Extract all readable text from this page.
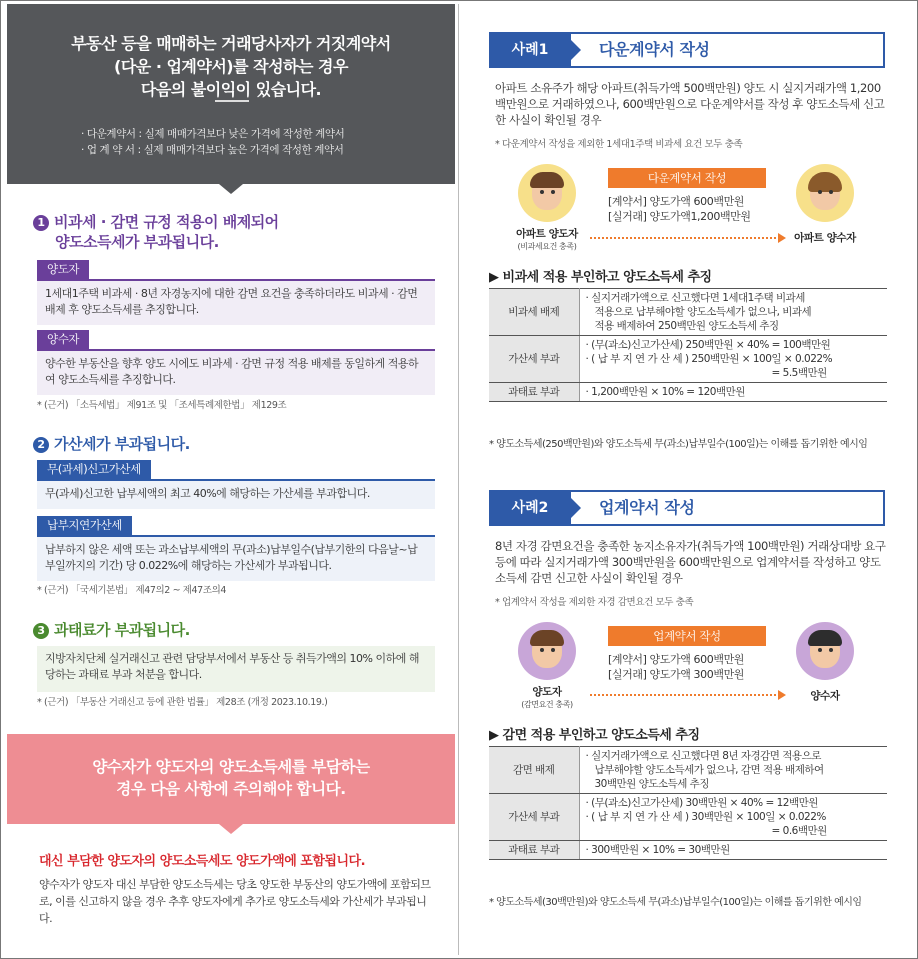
부동산 등을 매매하는 거래당사자가 거짓계약서
(다운 · 업계약서)를 작성하는 경우
다음의 불이익이 있습니다.
· 다운계약서 : 실제 매매가격보다 낮은 가격에 작성한 계약서
· 업 계 약 서 : 실제 매매가격보다 높은 가격에 작성한 계약서
1 비과세 · 감면 규정 적용이 배제되어
양도소득세가 부과됩니다.
양도자
1세대1주택 비과세 · 8년 자경농지에 대한 감면 요건을 충족하더라도 비과세 · 감면 배제 후 양도소득세를 추징합니다.
양수자
양수한 부동산을 향후 양도 시에도 비과세 · 감면 규정 적용 배제를 동일하게 적용하여 양도소득세를 추징합니다.
* (근거) 「소득세법」 제91조 및 「조세특례제한법」 제129조
2 가산세가 부과됩니다.
무(과세)신고가산세
무(과세)신고한 납부세액의 최고 40%에 해당하는 가산세를 부과합니다.
납부지연가산세
납부하지 않은 세액 또는 과소납부세액의 무(과소)납부일수(납부기한의 다음날~납부일까지의 기간) 당 0.022%에 해당하는 가산세가 부과됩니다.
* (근거) 「국세기본법」 제47의2 ~ 제47조의4
3 과태료가 부과됩니다.
지방자치단체 실거래신고 관련 담당부서에서 부동산 등 취득가액의 10% 이하에 해당하는 과태료 부과 처분을 합니다.
* (근거) 「부동산 거래신고 등에 관한 법률」 제28조 (개정 2023.10.19.)
양수자가 양도자의 양도소득세를 부담하는
경우 다음 사항에 주의해야 합니다.
대신 부담한 양도자의 양도소득세도 양도가액에 포함됩니다.
양수자가 양도자 대신 부담한 양도소득세는 당초 양도한 부동산의 양도가액에 포함되므로, 이를 신고하지 않을 경우 추후 양도자에게 추가로 양도소득세와 가산세가 부과됩니다.
사례1	다운계약서 작성
아파트 소유주가 해당 아파트(취득가액 500백만원) 양도 시 실지거래가액 1,200백만원으로 거래하였으나, 600백만원으로 다운계약서를 작성 후 양도소득세 신고한 사실이 확인될 경우
* 다운계약서 작성을 제외한 1세대1주택 비과세 요건 모두 충족
아파트 양도자
(비과세요건 충족)
다운계약서 작성
[계약서] 양도가액 600백만원
[실거래] 양도가액1,200백만원
아파트 양수자
▶ 비과세 적용 부인하고 양도소득세 추징
비과세 배제	· 실지거래가액으로 신고했다면 1세대1주택 비과세
적용으로 납부해야할 양도소득세가 없으나, 비과세
적용 배제하여 250백만원 양도소득세 추징

가산세 부과	· (무(과소)신고가산세) 250백만원 × 40% = 100백만원
· ( 납 부 지 연 가 산 세 ) 250백만원 × 100일 × 0.022%
= 5.5백만원

과태료 부과	· 1,200백만원 × 10% = 120백만원
* 양도소득세(250백만원)와 양도소득세 무(과소)납부일수(100일)는 이해를 돕기위한 예시임
사례2	업계약서 작성
8년 자경 감면요건을 충족한 농지소유자가(취득가액 100백만원) 거래상대방 요구 등에 따라 실지거래가액 300백만원을 600백만원으로 업계약서를 작성하고 양도소득세 감면 신고한 사실이 확인될 경우
* 업계약서 작성을 제외한 자경 감면요건 모두 충족
양도자
(감면요건 충족)
업계약서 작성
[계약서] 양도가액 600백만원
[실거래] 양도가액 300백만원
양수자
▶ 감면 적용 부인하고 양도소득세 추징
감면 배제	· 실지거래가액으로 신고했다면 8년 자경감면 적용으로
납부해야할 양도소득세가 없으나, 감면 적용 배제하여
30백만원 양도소득세 추징

가산세 부과	· (무(과소)신고가산세) 30백만원 × 40% = 12백만원
· ( 납 부 지 연 가 산 세 ) 30백만원 × 100일 × 0.022%
= 0.6백만원

과태료 부과	· 300백만원 × 10% = 30백만원
* 양도소득세(30백만원)와 양도소득세 무(과소)납부일수(100일)는 이해를 돕기위한 예시임
